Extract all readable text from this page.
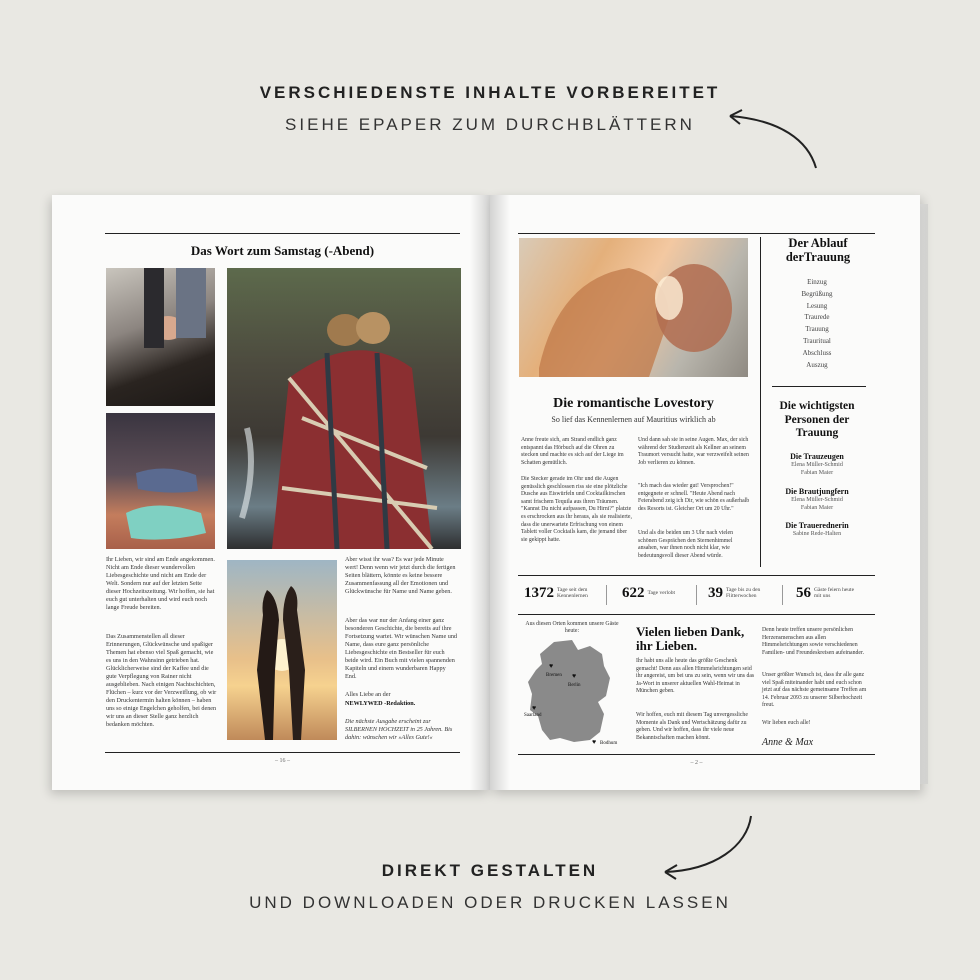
VERSCHIEDENSTE INHALTE VORBEREITET
SIEHE EPAPER ZUM DURCHBLÄTTERN
DIREKT GESTALTEN
UND DOWNLOADEN ODER DRUCKEN LASSEN
Das Wort zum Samstag (-Abend)
Ihr Lieben, wir sind am Ende angekommen. Nicht am Ende dieser wundervollen Liebesgeschichte und nicht am Ende der Welt. Sondern nur auf der letzten Seite dieser Hochzeitszeitung. Wir hoffen, sie hat euch gut unterhalten und wird euch noch lange Freude bereiten.
Das Zusammenstellen all dieser Erinnerungen, Glückwünsche und spaßiger Themen hat ebenso viel Spaß gemacht, wie es uns in den Wahnsinn getrieben hat. Glücklicherweise sind der Kaffee und die gute Verpflegung von Rainer nicht ausgeblieben. Nach einigen Nachtschichten, Flüchen – kurz vor der Verzweiflung, ob wir den Druckentermin halten können – haben uns so einige Engelchen geholfen, bei denen wir uns an dieser Stelle ganz herzlich bedanken möchten.
Aber wisst ihr was? Es war jede Minute wert! Denn wenn wir jetzt durch die fertigen Seiten blättern, könnte es keine bessere Zusammenfassung all der Emotionen und Glückwünsche für Name und Name geben.
Aber das war nur der Anfang einer ganz besonderen Geschichte, die bereits auf ihre Fortsetzung wartet. Wir wünschen Name und Name, dass eure ganz persönliche Liebesgeschichte ein Bestseller für euch beide wird. Ein Buch mit vielen spannenden Kapiteln und einem wunderbaren Happy End.
Alles Liebe an der
NEWLYWED -Redaktion.
Die nächste Ausgabe erscheint zur SILBERNEN HOCHZEIT in 25 Jahren. Bis dahin: wünschen wir »Alles Gute!«
– 16 –
Der Ablauf derTrauung
Einzug
Begrüßung
Lesung
Traurede
Trauung
Trauritual
Abschluss
Auszug
Die wichtigsten Personen der Trauung
Die Trauzeugen
Elena Müller-Schmid
Fabian Maier
Die Brautjungfern
Elena Müller-Schmid
Fabian Maier
Die Trauerednerin
Sabine Rede-Halten
Die romantische Lovestory
So lief das Kennenlernen auf Mauritius wirklich ab
Anne freute sich, am Strand endlich ganz entspannt das Hörbuch auf die Ohren zu stecken und machte es sich auf der Liege im Schatten gemütlich.
Die Stecker gerade im Ohr und die Augen genüsslich geschlossen riss sie eine plötzliche Dusche aus Eiswürfeln und Cocktailkirschen samt frischem Tequila aus ihren Träumen. "Kannst Du nicht aufpassen, Du Hirni?" platzte es erschrocken aus ihr heraus, als sie realisierte, dass die unerwartete Erfrischung von einem Tablett voller Cocktails kam, die jemand über sie gekippt hatte.
Und dann sah sie in seine Augen. Max, der sich während der Studienzeit als Kellner an seinem Traumort versucht hatte, war verzweifelt seinen Job verlieren zu können.
"Ich mach das wieder gut! Versprochen!" entgegnete er schnell. "Heute Abend nach Feierabend zeig ich Dir, wie schön es außerhalb des Resorts ist. Gleicher Ort um 20 Uhr."
Und als die beiden um 3 Uhr nach vielen schönen Gesprächen den Sternenhimmel ansahen, war ihnen noch nicht klar, wie bedeutungsvoll dieser Abend würde.
1372 Tage seit dem Kennenlernen	622 Tage verlobt	39 Tage bis zu den Flitterwochen	56 Gäste feiern heute mit uns
Aus diesen Orten kommen unsere Gäste heute:
Bremen
Berlin
Saarland
Bodhum
♥
♥
♥
♥
Vielen lieben Dank, ihr Lieben.
Ihr habt uns alle heute das größte Geschenk gemacht! Denn aus allen Himmelsrichtungen seid ihr angereist, um bei uns zu sein, wenn wir uns das Ja-Wort in unserer aktuellen Wahl-Heimat in München geben.
Wir hoffen, euch mit diesem Tag unvergessliche Momente als Dank und Wertschätzung dafür zu geben. Und wir hoffen, dass ihr viele neue Bekanntschaften machen könnt.
Denn heute treffen unsere persönlichen Herzensmenschen aus allen Himmelsrichtungen sowie verschiedenen Familien- und Freundeskreisen aufeinander.
Unser größter Wunsch ist, dass ihr alle ganz viel Spaß miteinander habt und euch schon jetzt auf das nächste gemeinsame Treffen am 14. Februar 2093 zu unserer Silberhochzeit freut.
Wir lieben euch alle!
Anne & Max
– 2 –
